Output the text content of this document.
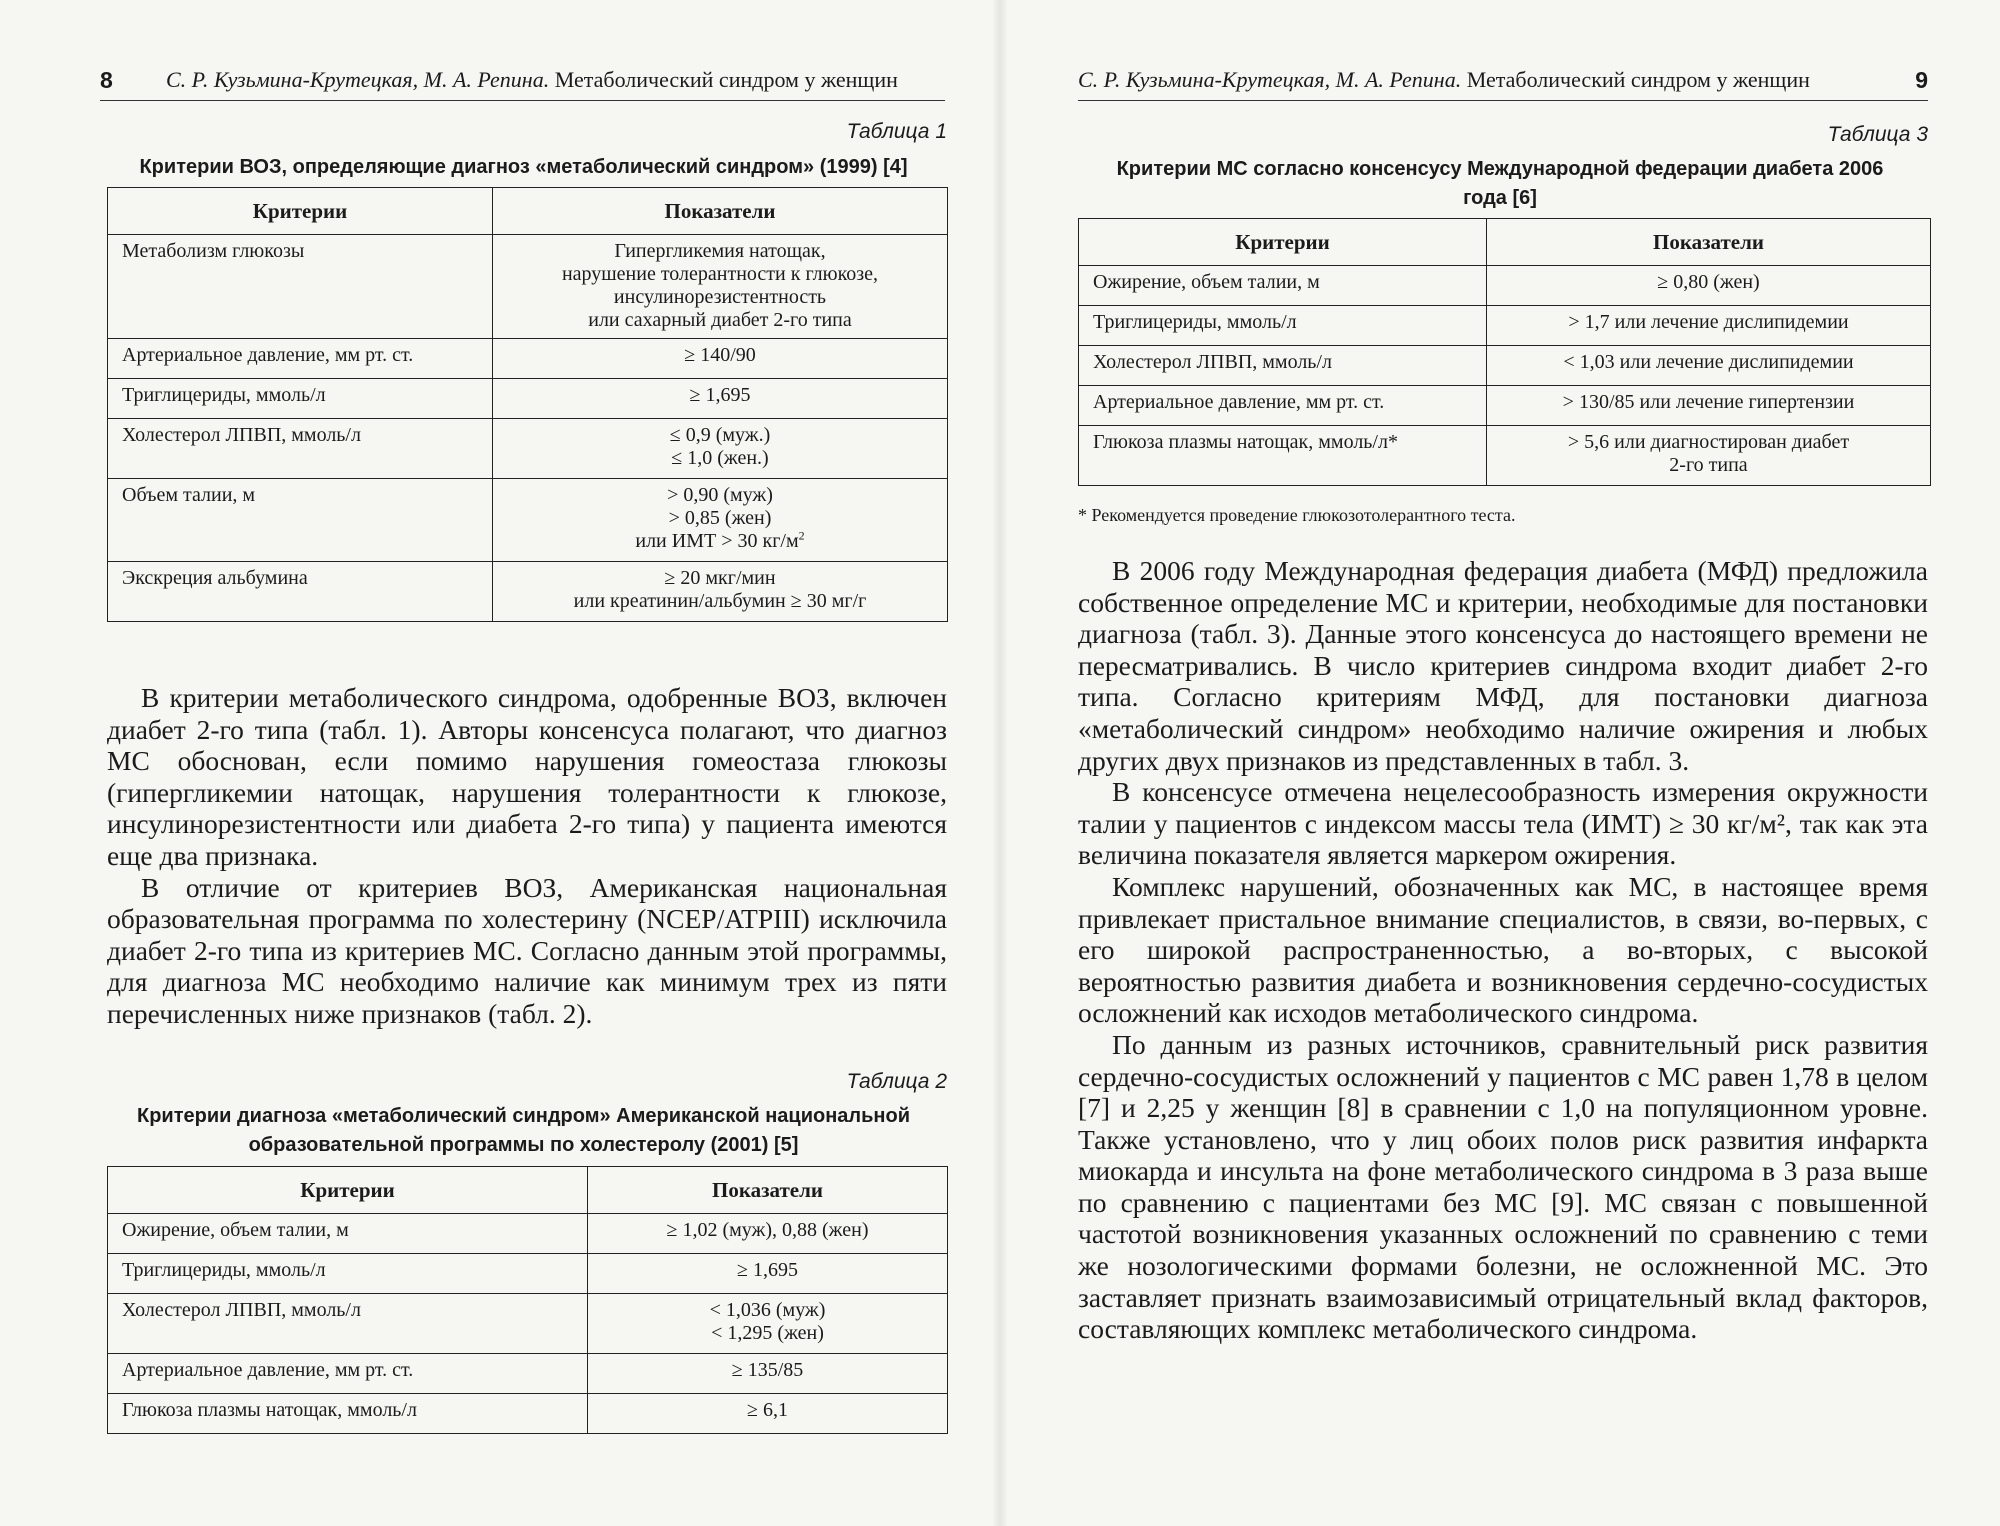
8 С. Р. Кузьмина-Крутецкая, М. А. Репина. Метаболический синдром у женщин
Таблица 1
Критерии ВОЗ, определяющие диагноз «метаболический синдром» (1999) [4]
Критерии	Показатели
Метаболизм глюкозы	Гипергликемия натощак,
нарушение толерантности к глюкозе,
инсулинорезистентность
или сахарный диабет 2-го типа
Артериальное давление, мм рт. ст.	≥ 140/90
Триглицериды, ммоль/л	≥ 1,695
Холестерол ЛПВП, ммоль/л	≤ 0,9 (муж.)
≤ 1,0 (жен.)
Объем талии, м	> 0,90 (муж)
> 0,85 (жен)
или ИМТ > 30 $кг/м^2$
Экскреция альбумина	≥ 20 мкг/мин
или креатинин/альбумин ≥ 30 мг/г

В критерии метаболического синдрома, одобренные ВОЗ, включен диабет 2-го типа (табл. 1). Авторы консенсуса полагают, что диагноз МС обоснован, если помимо нарушения гомеостаза глюкозы (гипергликемии натощак, нарушения толерантности к глюкозе, инсулинорезистентности или диабета 2-го типа) у пациента имеются еще два признака.

В отличие от критериев ВОЗ, Американская национальная образовательная программа по холестерину (NCEP/ATPIII) исключила диабет 2-го типа из критериев МС. Согласно данным этой программы, для диагноза МС необходимо наличие как минимум трех из пяти перечисленных ниже признаков (табл. 2).

Таблица 2
Критерии диагноза «метаболический синдром» Американской национальной образовательной программы по холестеролу (2001) [5]
Критерии	Показатели
Ожирение, объем талии, м	≥ 1,02 (муж), 0,88 (жен)
Триглицериды, ммоль/л	≥ 1,695
Холестерол ЛПВП, ммоль/л	< 1,036 (муж)
< 1,295 (жен)
Артериальное давление, мм рт. ст.	≥ 135/85
Глюкоза плазмы натощак, ммоль/л	≥ 6,1
С. Р. Кузьмина-Крутецкая, М. А. Репина. Метаболический синдром у женщин	9
Таблица 3
Критерии МС согласно консенсусу Международной федерации диабета 2006 года [6]
Критерии	Показатели
Ожирение, объем талии, м	≥ 0,80 (жен)
Триглицериды, ммоль/л	> 1,7 или лечение дислипидемии
Холестерол ЛПВП, ммоль/л	< 1,03 или лечение дислипидемии
Артериальное давление, мм рт. ст.	> 130/85 или лечение гипертензии
Глюкоза плазмы натощак, ммоль/л*	> 5,6 или диагностирован диабет
2-го типа
* Рекомендуется проведение глюкозотолерантного теста.

В 2006 году Международная федерация диабета (МФД) предложила собственное определение МС и критерии, необходимые для постановки диагноза (табл. 3). Данные этого консенсуса до настоящего времени не пересматривались. В число критериев синдрома входит диабет 2-го типа. Согласно критериям МФД, для постановки диагноза «метаболический синдром» необходимо наличие ожирения и любых других двух признаков из представленных в табл. 3.

В консенсусе отмечена нецелесообразность измерения окружности талии у пациентов с индексом массы тела (ИМТ) ≥ 30 кг/м², так как эта величина показателя является маркером ожирения.

Комплекс нарушений, обозначенных как МС, в настоящее время привлекает пристальное внимание специалистов, в связи, во-первых, с его широкой распространенностью, а во-вторых, с высокой вероятностью развития диабета и возникновения сердечно-сосудистых осложнений как исходов метаболического синдрома.

По данным из разных источников, сравнительный риск развития сердечно-сосудистых осложнений у пациентов с МС равен 1,78 в целом [7] и 2,25 у женщин [8] в сравнении с 1,0 на популяционном уровне. Также установлено, что у лиц обоих полов риск развития инфаркта миокарда и инсульта на фоне метаболического синдрома в 3 раза выше по сравнению с пациентами без МС [9]. МС связан с повышенной частотой возникновения указанных осложнений по сравнению с теми же нозологическими формами болезни, не осложненной МС. Это заставляет признать взаимозависимый отрицательный вклад факторов, составляющих комплекс метаболического синдрома.
